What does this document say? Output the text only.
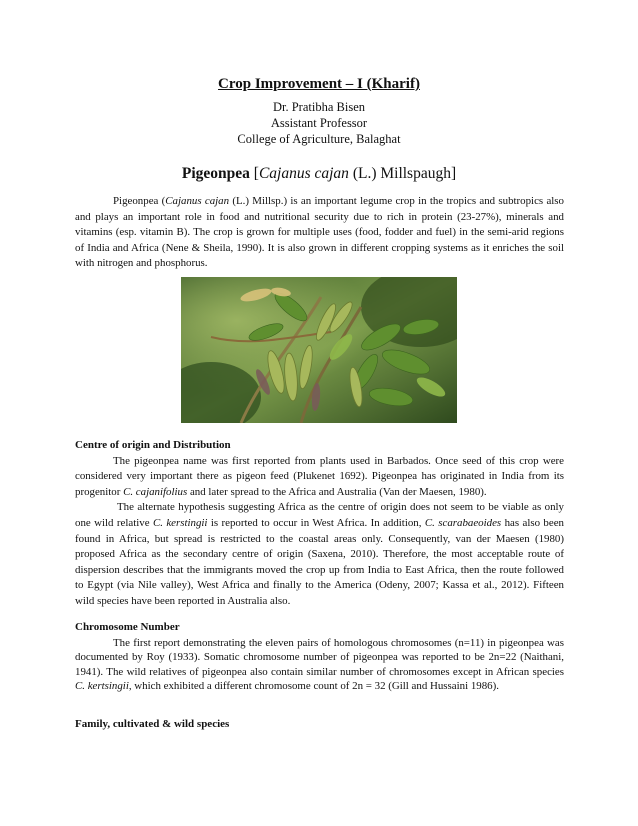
Crop Improvement – I (Kharif)
Dr. Pratibha Bisen
Assistant Professor
College of Agriculture, Balaghat
Pigeonpea [Cajanus cajan (L.) Millspaugh]

Pigeonpea (Cajanus cajan (L.) Millsp.) is an important legume crop in the tropics and subtropics also and plays an important role in food and nutritional security due to rich in protein (23-27%), minerals and vitamins (esp. vitamin B). The crop is grown for multiple uses (food, fodder and fuel) in the semi-arid regions of India and Africa (Nene & Sheila, 1990). It is also grown in different cropping systems as it enriches the soil with nitrogen and phosphorus.

Centre of origin and Distribution

The pigeonpea name was first reported from plants used in Barbados. Once seed of this crop were considered very important there as pigeon feed (Plukenet 1692). Pigeonpea has originated in India from its progenitor C. cajanifolius and later spread to the Africa and Australia (Van der Maesen, 1980).

The alternate hypothesis suggesting Africa as the centre of origin does not seem to be viable as only one wild relative C. kerstingii is reported to occur in West Africa. In addition, C. scarabaeoides has also been found in Africa, but spread is restricted to the coastal areas only. Consequently, van der Maesen (1980) proposed Africa as the secondary centre of origin (Saxena, 2010). Therefore, the most acceptable route of dispersion describes that the immigrants moved the crop up from India to East Africa, then the route followed to Egypt (via Nile valley), West Africa and finally to the America (Odeny, 2007; Kassa et al., 2012). Fifteen wild species have been reported in Australia also.

Chromosome Number

The first report demonstrating the eleven pairs of homologous chromosomes (n=11) in pigeonpea was documented by Roy (1933). Somatic chromosome number of pigeonpea was reported to be 2n=22 (Naithani, 1941). The wild relatives of pigeonpea also contain similar number of chromosomes except in African species C. kertsingii, which exhibited a different chromosome count of 2n = 32 (Gill and Hussaini 1986).

Family, cultivated & wild species
